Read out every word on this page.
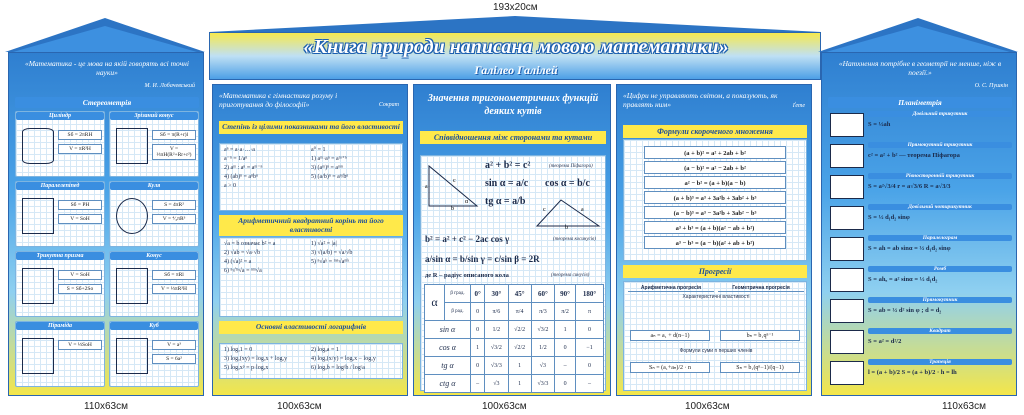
193х20см
110х63см	100х63см	100х63см	100х63см	110х63см
«Математика - це мова на якій говорять всі точні науки»
М. И. Лобачевський
Стереометрія
Циліндр
Sб = 2πRH
V = πR²H
Зрізаний конус
Sб = π(R+r)l
V = ⅓πH(R²+Rr+r²)
Паралелепіпед
Sб = PH
V = SоH
Куля
S = 4πR²
V = ⁴⁄₃πR³
Трикутна призма
V = SоH
S = Sб+2Sо
Конус
Sб = πRl
V = ⅓πR²H
Піраміда
V = ⅓SоH
Куб
V = a³
S = 6a²
«Книга природи написана мовою математики»
Галілео Галілей
«Математика є гімнастика розуму і приготування до філософії»	Сократ
Степінь із цілими показниками та його властивості
aⁿ = a·a·…·a	a⁰ = 1
a⁻ⁿ = 1/aⁿ	1) aᵐ·aⁿ = aᵐ⁺ⁿ
2) aᵐ : aⁿ = aᵐ⁻ⁿ	3) (aᵐ)ⁿ = aᵐⁿ
4) (ab)ⁿ = aⁿbⁿ	5) (a/b)ⁿ = aⁿ/bⁿ
a > 0
Арифметичний квадратний корінь та його властивості
√a = b означає b² = a	1) √a² = |a|
2) √ab = √a·√b	3) √(a/b) = √a/√b
4) (√a)² = a	5) ⁿ√aᵏ = ᵐⁿ√aᵐᵏ
6) ⁿ√ᵐ√a = ⁿᵐ√a
Основні властивості логарифмів
1) logₐ1 = 0	2) logₐa = 1
3) logₐ(xy) = logₐx + logₐy	4) logₐ(x/y) = logₐx − logₐy
5) logₐxᵖ = p·logₐx	6) logₐb = logᶜb / logᶜa
Значення тригонометричних функцій деяких кутів
Співвідношення між сторонами та кутами
a
c
b
α
a² + b² = c²	(теорема Піфагора)
sin α = a/c cos α = b/c
tg α = a/b
c	a
b
b² = a² + c² − 2ac cos γ	(теорема косинусів)
a/sin α = b/sin γ = c/sin β = 2R
де R – радіус описаного кола	(теорема синусів)
α	β град.	0°	30°	45°	60°	90°	180°
	β рад.	0	π/6	π/4	π/3	π/2	π
sin α		0	1/2	√2/2	√3/2	1	0
cos α		1	√3/2	√2/2	1/2	0	−1
tg α		0	√3/3	1	√3	–	0
ctg α		–	√3	1	√3/3	0	–
«Цифри не управляють світом, а показують, як правлять ним»	Ґете
Формули скороченого множення
(a + b)² = a² + 2ab + b²
(a − b)² = a² − 2ab + b²
a² − b² = (a + b)(a − b)
(a + b)³ = a³ + 3a²b + 3ab² + b³
(a − b)³ = a³ − 3a²b + 3ab² − b³
a³ + b³ = (a + b)(a² − ab + b²)
a³ − b³ = (a − b)(a² + ab + b²)
Прогресії
Арифметична прогресія	Геометрична прогресія
Характеристичні властивості
aₙ = a₁ + d(n−1)	bₙ = b₁qⁿ⁻¹
Формули суми n перших членів
Sₙ = (a₁+aₙ)/2 · n	Sₙ = b₁(qⁿ−1)/(q−1)
«Натхнення потрібне в геометрії не менше, ніж в поезії.»
О. С. Пушкін
Планіметрія
Довільний трикутник
S = ½ah
Прямокутний трикутник
c² = a² + b² — теорема Піфагора
Рівносторонній трикутник
S = a²√3/4 r = a√3/6 R = a√3/3
Довільний чотирикутник
S = ½ d₁d₂ sinφ
Паралелограм
S = ah = ab sinα = ½ d₁d₂ sinφ
Ромб
S = ahₐ = a² sinα = ½ d₁d₂
Прямокутник
S = ab = ½ d² sin φ ; d = d₂
Квадрат
S = a² = d²/2
Трапеція
l = (a + b)/2 S = (a + b)/2 · h = lh
